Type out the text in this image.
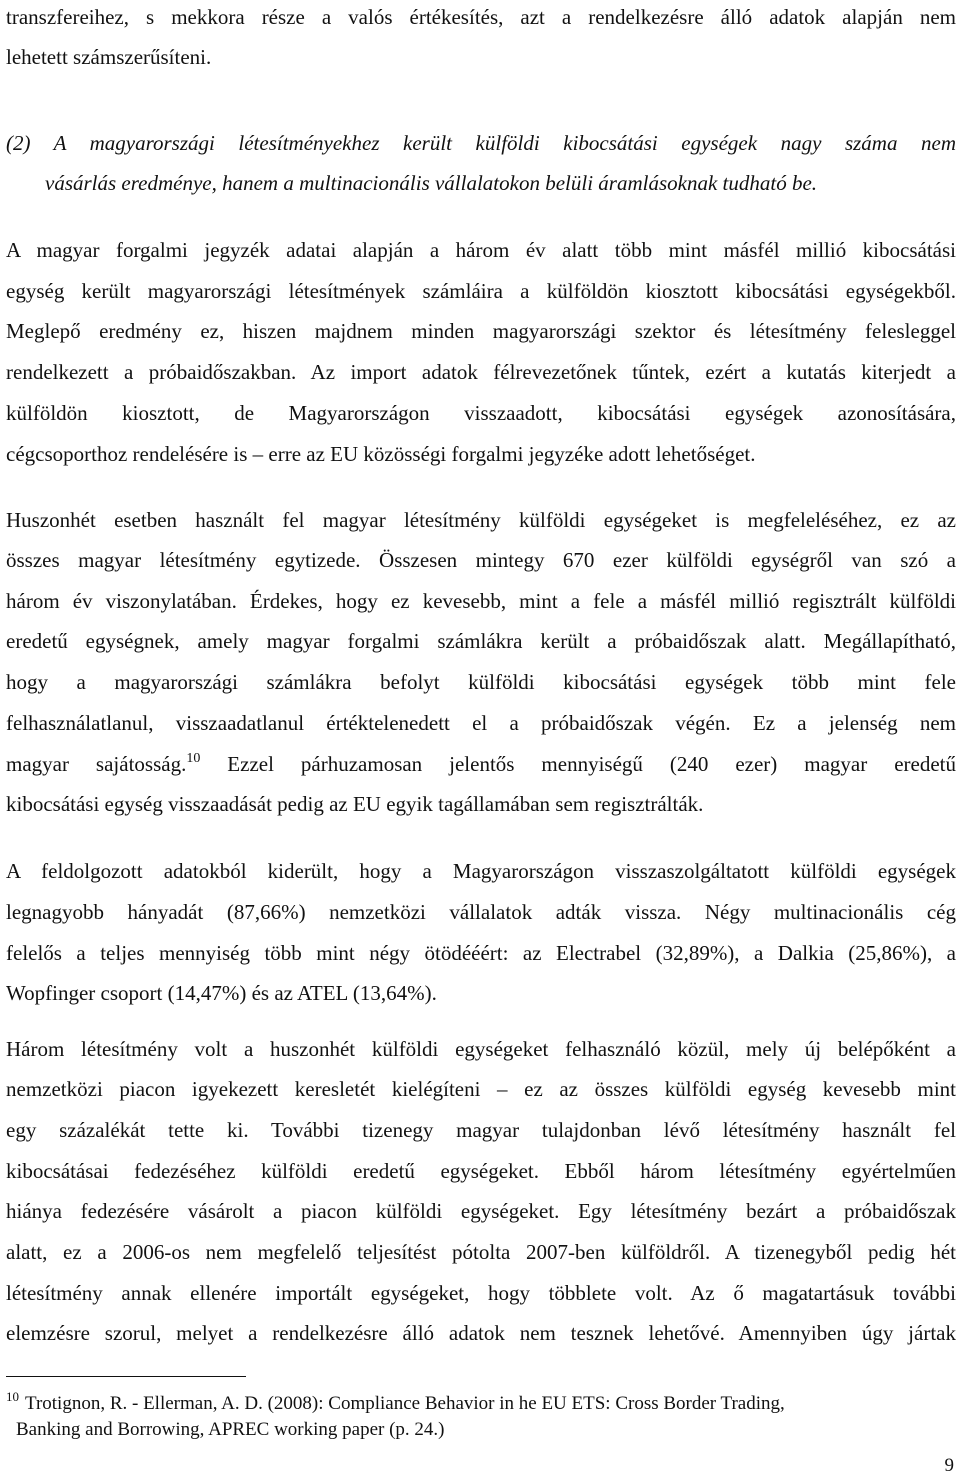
transzfereihez, s mekkora része a valós értékesítés, azt a rendelkezésre álló adatok alapján nem
lehetett számszerűsíteni.
(2) A magyarországi létesítményekhez került külföldi kibocsátási egységek nagy száma nem
vásárlás eredménye, hanem a multinacionális vállalatokon belüli áramlásoknak tudható be.
A magyar forgalmi jegyzék adatai alapján a három év alatt több mint másfél millió kibocsátási
egység került magyarországi létesítmények számláira a külföldön kiosztott kibocsátási egységekből.
Meglepő eredmény ez, hiszen majdnem minden magyarországi szektor és létesítmény felesleggel
rendelkezett a próbaidőszakban. Az import adatok félrevezetőnek tűntek, ezért a kutatás kiterjedt a
külföldön kiosztott, de Magyarországon visszaadott, kibocsátási egységek azonosítására,
cégcsoporthoz rendelésére is – erre az EU közösségi forgalmi jegyzéke adott lehetőséget.
Huszonhét esetben használt fel magyar létesítmény külföldi egységeket is megfeleléséhez, ez az
összes magyar létesítmény egytizede. Összesen mintegy 670 ezer külföldi egységről van szó a
három év viszonylatában. Érdekes, hogy ez kevesebb, mint a fele a másfél millió regisztrált külföldi
eredetű egységnek, amely magyar forgalmi számlákra került a próbaidőszak alatt. Megállapítható,
hogy a magyarországi számlákra befolyt külföldi kibocsátási egységek több mint fele
felhasználatlanul, visszaadatlanul értéktelenedett el a próbaidőszak végén. Ez a jelenség nem
magyar sajátosság.$^{10}$ Ezzel párhuzamosan jelentős mennyiségű (240 ezer) magyar eredetű
kibocsátási egység visszaadását pedig az EU egyik tagállamában sem regisztrálták.
A feldolgozott adatokból kiderült, hogy a Magyarországon visszaszolgáltatott külföldi egységek
legnagyobb hányadát (87,66%) nemzetközi vállalatok adták vissza. Négy multinacionális cég
felelős a teljes mennyiség több mint négy ötödééért: az Electrabel (32,89%), a Dalkia (25,86%), a
Wopfinger csoport (14,47%) és az ATEL (13,64%).
Három létesítmény volt a huszonhét külföldi egységeket felhasználó közül, mely új belépőként a
nemzetközi piacon igyekezett keresletét kielégíteni – ez az összes külföldi egység kevesebb mint
egy százalékát tette ki. További tizenegy magyar tulajdonban lévő létesítmény használt fel
kibocsátásai fedezéséhez külföldi eredetű egységeket. Ebből három létesítmény egyértelműen
hiánya fedezésére vásárolt a piacon külföldi egységeket. Egy létesítmény bezárt a próbaidőszak
alatt, ez a 2006-os nem megfelelő teljesítést pótolta 2007-ben külföldről. A tizenegyből pedig hét
létesítmény annak ellenére importált egységeket, hogy többlete volt. Az ő magatartásuk további
elemzésre szorul, melyet a rendelkezésre álló adatok nem tesznek lehetővé. Amennyiben úgy jártak
$^{10}$ Trotignon, R. - Ellerman, A. D. (2008): Compliance Behavior in he EU ETS: Cross Border Trading,
Banking and Borrowing, APREC working paper (p. 24.)
9
